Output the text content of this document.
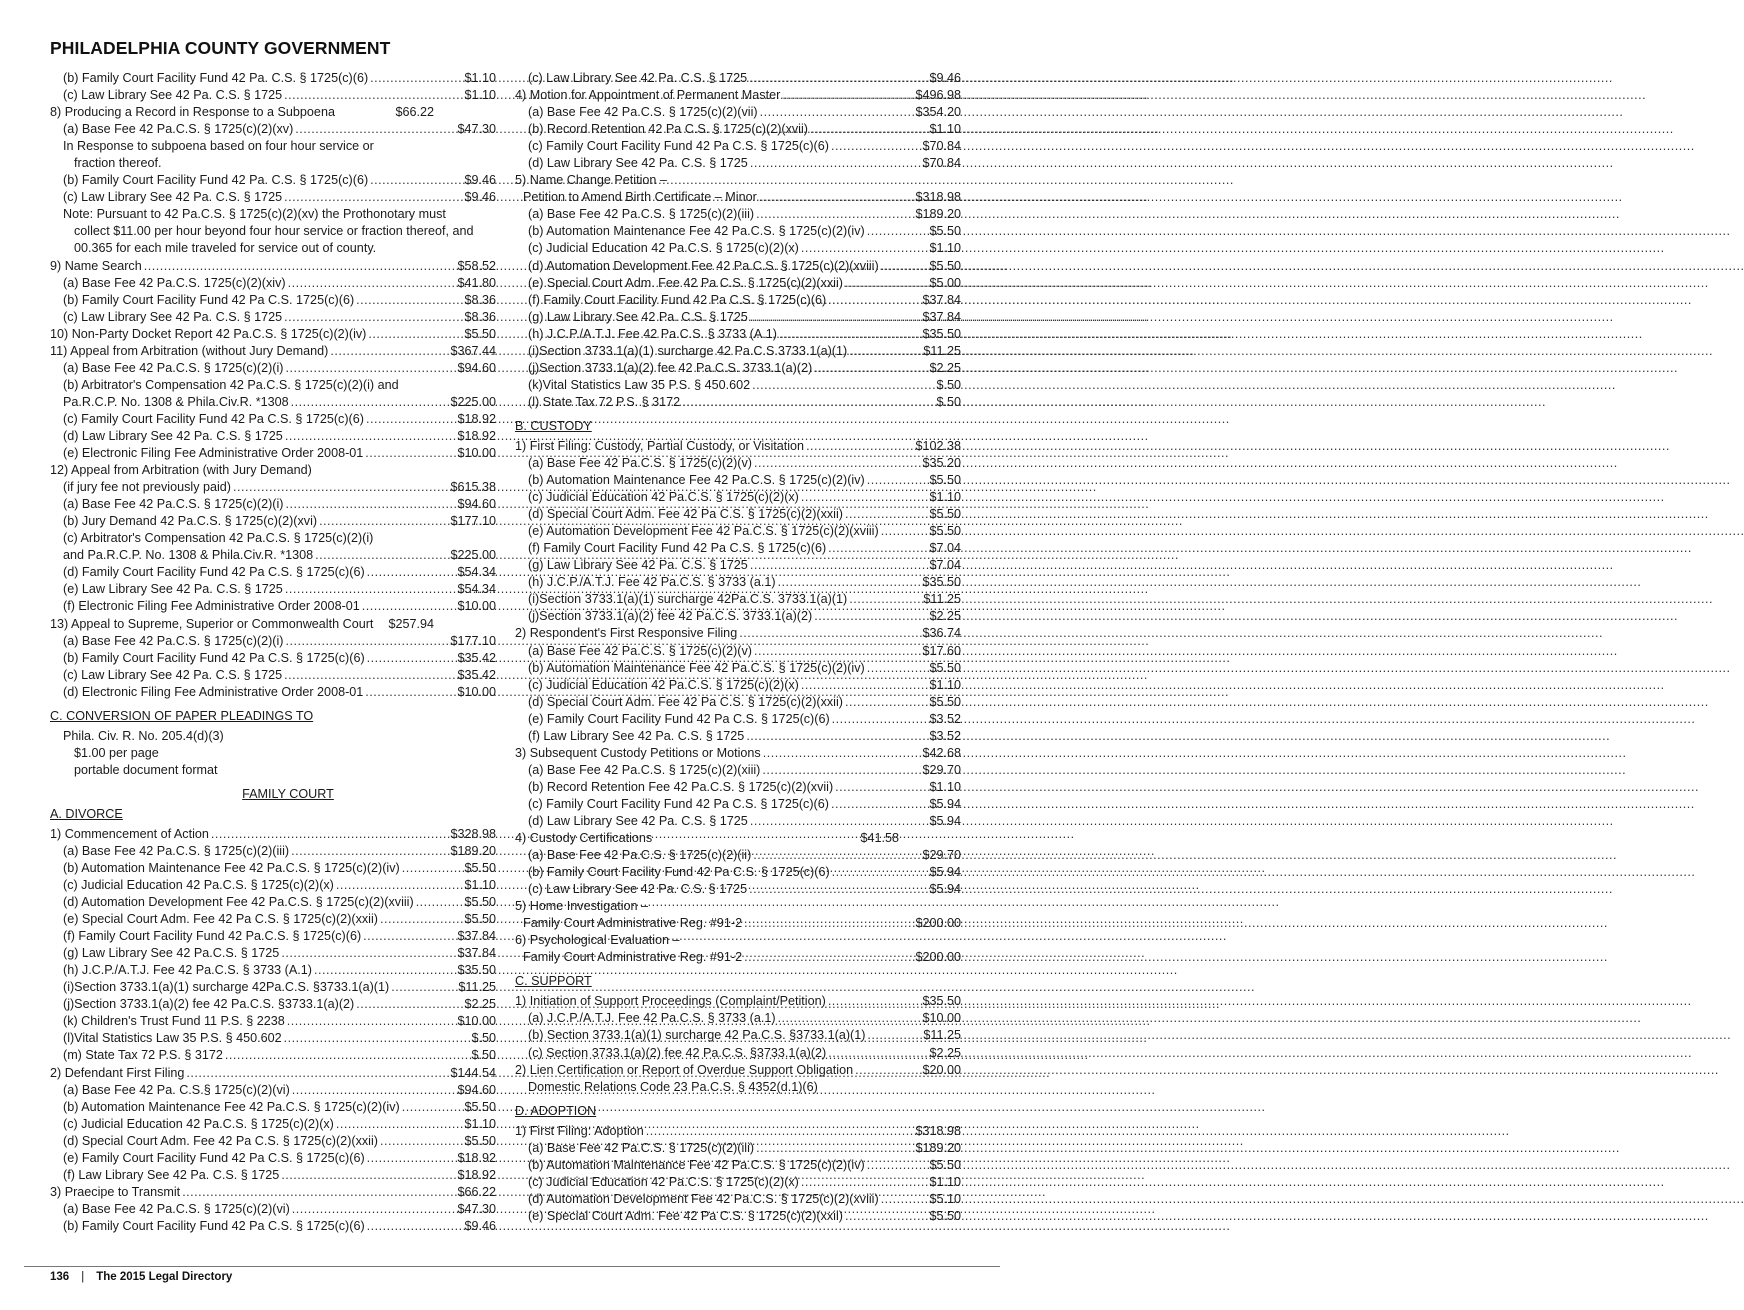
PHILADELPHIA COUNTY GOVERNMENT
(b) Family Court Facility Fund 42 Pa. C.S. § 1725(c)(6) .....	$1.10
(c) Law Library See 42 Pa. C.S. § 1725 .....	$1.10
8) Producing a Record in Response to a Subpoena	$66.22
(a) Base Fee 42 Pa.C.S. § 1725(c)(2)(xv) .....	$47.30
In Response to subpoena based on four hour service or
fraction thereof.
(b) Family Court Facility Fund 42 Pa. C.S. § 1725(c)(6) .....	$9.46
(c) Law Library See 42 Pa. C.S. § 1725 .....	$9.46
Note: Pursuant to 42 Pa.C.S. § 1725(c)(2)(xv) the Prothonotary must
collect $11.00 per hour beyond four hour service or fraction thereof, and
00.365 for each mile traveled for service out of county.
9) Name Search .....	$58.52
(a) Base Fee 42 Pa.C.S. 1725(c)(2)(xiv) .....	$41.80
(b) Family Court Facility Fund 42 Pa C.S. 1725(c)(6) .....	$8.36
(c) Law Library See 42 Pa. C.S. § 1725 .....	$8.36
10) Non-Party Docket Report 42 Pa.C.S. § 1725(c)(2)(iv) .....	$5.50
11) Appeal from Arbitration (without Jury Demand) .....	$367.44
(a) Base Fee 42 Pa.C.S. § 1725(c)(2)(i) .....	$94.60
(b) Arbitrator's Compensation 42 Pa.C.S. § 1725(c)(2)(i) and
Pa.R.C.P. No. 1308 & Phila.Civ.R. *1308 .....	$225.00
(c) Family Court Facility Fund 42 Pa C.S. § 1725(c)(6) .....	$18.92
(d) Law Library See 42 Pa. C.S. § 1725 .....	$18.92
(e) Electronic Filing Fee Administrative Order 2008-01 .....	$10.00
12) Appeal from Arbitration (with Jury Demand)
(if jury fee not previously paid) .....	$615.38
(a) Base Fee 42 Pa.C.S. § 1725(c)(2)(i) .....	$94.60
(b) Jury Demand 42 Pa.C.S. § 1725(c)(2)(xvi) .....	$177.10
(c) Arbitrator's Compensation 42 Pa.C.S. § 1725(c)(2)(i)
and Pa.R.C.P. No. 1308 & Phila.Civ.R. *1308 .....	$225.00
(d) Family Court Facility Fund 42 Pa C.S. § 1725(c)(6) .....	$54.34
(e) Law Library See 42 Pa. C.S. § 1725 .....	$54.34
(f) Electronic Filing Fee Administrative Order 2008-01 .....	$10.00
13) Appeal to Supreme, Superior or Commonwealth Court $257.94
(a) Base Fee 42 Pa.C.S. § 1725(c)(2)(i) .....	$177.10
(b) Family Court Facility Fund 42 Pa C.S. § 1725(c)(6) .....	$35.42
(c) Law Library See 42 Pa. C.S. § 1725 .....	$35.42
(d) Electronic Filing Fee Administrative Order 2008-01 .....	$10.00
C. CONVERSION OF PAPER PLEADINGS TO
Phila. Civ. R. No. 205.4(d)(3)
$1.00 per page
portable document format
FAMILY COURT
A. DIVORCE
1) Commencement of Action .....	$328.98
(a) Base Fee 42 Pa.C.S. § 1725(c)(2)(iii) .....	$189.20
(b) Automation Maintenance Fee 42 Pa.C.S. § 1725(c)(2)(iv) .....	$5.50
(c) Judicial Education 42 Pa.C.S. § 1725(c)(2)(x) .....	$1.10
(d) Automation Development Fee 42 Pa.C.S. § 1725(c)(2)(xviii) .....	$5.50
(e) Special Court Adm. Fee 42 Pa C.S. § 1725(c)(2)(xxii) .....	$5.50
(f) Family Court Facility Fund 42 Pa.C.S. § 1725(c)(6) .....	$37.84
(g) Law Library See 42 Pa.C.S. § 1725 .....	$37.84
(h) J.C.P./A.T.J. Fee 42 Pa.C.S. § 3733 (A.1) .....	$35.50
(i)Section 3733.1(a)(1) surcharge 42Pa.C.S. §3733.1(a)(1) .....	$11.25
(j)Section 3733.1(a)(2) fee 42 Pa.C.S. §3733.1(a)(2) .....	$2.25
(k) Children's Trust Fund 11 P.S. § 2238 .....	$10.00
(l)Vital Statistics Law 35 P.S. § 450.602 .....	$.50
(m) State Tax 72 P.S. § 3172 .....	$.50
2) Defendant First Filing .....	$144.54
(a) Base Fee 42 Pa. C.S.§ 1725(c)(2)(vi) .....	$94.60
(b) Automation Maintenance Fee 42 Pa.C.S. § 1725(c)(2)(iv) .....	$5.50
(c) Judicial Education 42 Pa.C.S. § 1725(c)(2)(x) .....	$1.10
(d) Special Court Adm. Fee 42 Pa C.S. § 1725(c)(2)(xxii) .....	$5.50
(e) Family Court Facility Fund 42 Pa C.S. § 1725(c)(6) .....	$18.92
(f) Law Library See 42 Pa. C.S. § 1725 .....	$18.92
3) Praecipe to Transmit .....	$66.22
(a) Base Fee 42 Pa.C.S. § 1725(c)(2)(vi) .....	$47.30
(b) Family Court Facility Fund 42 Pa C.S. § 1725(c)(6) .....	$9.46
(c) Law Library See 42 Pa. C.S. § 1725 .....	$9.46
4) Motion for Appointment of Permanent Master .....	$496.98
(a) Base Fee 42 Pa.C.S. § 1725(c)(2)(vii) .....	$354.20
(b) Record Retention 42 Pa C.S. § 1725(c)(2)(xvii) .....	$1.10
(c) Family Court Facility Fund 42 Pa C.S. § 1725(c)(6) .....	$70.84
(d) Law Library See 42 Pa. C.S. § 1725 .....	$70.84
5) Name Change Petition –
Petition to Amend Birth Certificate – Minor .....	$318.98
(a) Base Fee 42 Pa.C.S. § 1725(c)(2)(iii) .....	$189.20
(b) Automation Maintenance Fee 42 Pa.C.S. § 1725(c)(2)(iv) .....	$5.50
(c) Judicial Education 42 Pa.C.S. § 1725(c)(2)(x) .....	$1.10
(d) Automation Development Fee 42 Pa.C.S. § 1725(c)(2)(xviii) .....	$5.50
(e) Special Court Adm. Fee 42 Pa C.S. § 1725(c)(2)(xxii) .....	$5.00
(f) Family Court Facility Fund 42 Pa C.S. § 1725(c)(6) .....	$37.84
(g) Law Library See 42 Pa. C.S. § 1725 .....	$37.84
(h) J.C.P./A.T.J. Fee 42 Pa.C.S. § 3733 (A.1) .....	$35.50
(i)Section 3733.1(a)(1) surcharge 42 Pa.C.S.3733.1(a)(1) .....	$11.25
(j)Section 3733.1(a)(2) fee 42 Pa.C.S. 3733.1(a)(2) .....	$2.25
(k)Vital Statistics Law 35 P.S. § 450.602 .....	$.50
(l) State Tax 72 P.S. § 3172 .....	$.50
B. CUSTODY
1) First Filing: Custody, Partial Custody, or Visitation .....	$102.38
(a) Base Fee 42 Pa.C.S. § 1725(c)(2)(v) .....	$35.20
(b) Automation Maintenance Fee 42 Pa.C.S. § 1725(c)(2)(iv) .....	$5.50
(c) Judicial Education 42 Pa.C.S. § 1725(c)(2)(x) .....	$1.10
(d) Special Court Adm. Fee 42 Pa C.S. § 1725(c)(2)(xxii) .....	$5.50
(e) Automation Development Fee 42 Pa.C.S. § 1725(c)(2)(xviii) .....	$5.50
(f) Family Court Facility Fund 42 Pa C.S. § 1725(c)(6) .....	$7.04
(g) Law Library See 42 Pa. C.S. § 1725 .....	$7.04
(h) J.C.P./A.T.J. Fee 42 Pa.C.S. § 3733 (a.1) .....	$35.50
(i)Section 3733.1(a)(1) surcharge 42Pa.C.S. 3733.1(a)(1) .....	$11.25
(j)Section 3733.1(a)(2) fee 42 Pa.C.S. 3733.1(a)(2) .....	$2.25
2) Respondent's First Responsive Filing .....	$36.74
(a) Base Fee 42 Pa.C.S. § 1725(c)(2)(v) .....	$17.60
(b) Automation Maintenance Fee 42 Pa.C.S. § 1725(c)(2)(iv) .....	$5.50
(c) Judicial Education 42 Pa.C.S. § 1725(c)(2)(x) .....	$1.10
(d) Special Court Adm. Fee 42 Pa C.S. § 1725(c)(2)(xxii) .....	$5.50
(e) Family Court Facility Fund 42 Pa C.S. § 1725(c)(6) .....	$3.52
(f) Law Library See 42 Pa. C.S. § 1725 .....	$3.52
3) Subsequent Custody Petitions or Motions .....	$42.68
(a) Base Fee 42 Pa.C.S. § 1725(c)(2)(xiii) .....	$29.70
(b) Record Retention Fee 42 Pa.C.S. § 1725(c)(2)(xvii) .....	$1.10
(c) Family Court Facility Fund 42 Pa C.S. § 1725(c)(6) .....	$5.94
(d) Law Library See 42 Pa. C.S. § 1725 .....	$5.94
4) Custody Certifications	$41.58
(a) Base Fee 42 Pa.C.S. § 1725(c)(2)(ii) .....	$29.70
(b) Family Court Facility Fund 42 Pa C.S. § 1725(c)(6) .....	$5.94
(c) Law Library See 42 Pa. C.S. § 1725 .....	$5.94
5) Home Investigation –
Family Court Administrative Reg. #91-2 .....	$200.00
6) Psychological Evaluation –
Family Court Administrative Reg. #91-2 .....	$200.00
C. SUPPORT
1) Initiation of Support Proceedings (Complaint/Petition) .....	$35.50
(a) J.C.P./A.T.J. Fee 42 Pa.C.S. § 3733 (a.1) .....	$10.00
(b) Section 3733.1(a)(1) surcharge 42 Pa.C.S. §3733.1(a)(1) .....	$11.25
(c) Section 3733.1(a)(2) fee 42 Pa.C.S. §3733.1(a)(2) .....	$2.25
2) Lien Certification or Report of Overdue Support Obligation .....	$20.00
Domestic Relations Code 23 Pa.C.S. § 4352(d.1)(6)
D. ADOPTION
1) First Filing: Adoption .....	$318.98
(a) Base Fee 42 Pa.C.S. § 1725(c)(2)(iii) .....	$189.20
(b) Automation Maintenance Fee 42 Pa.C.S. § 1725(c)(2)(iv) .....	$5.50
(c) Judicial Education 42 Pa.C.S. § 1725(c)(2)(x) .....	$1.10
(d) Automation Development Fee 42 Pa.C.S. § 1725(c)(2)(xviii) .....	$5.10
(e) Special Court Adm. Fee 42 Pa C.S. § 1725(c)(2)(xxii) .....	$5.50
136 | The 2015 Legal Directory
